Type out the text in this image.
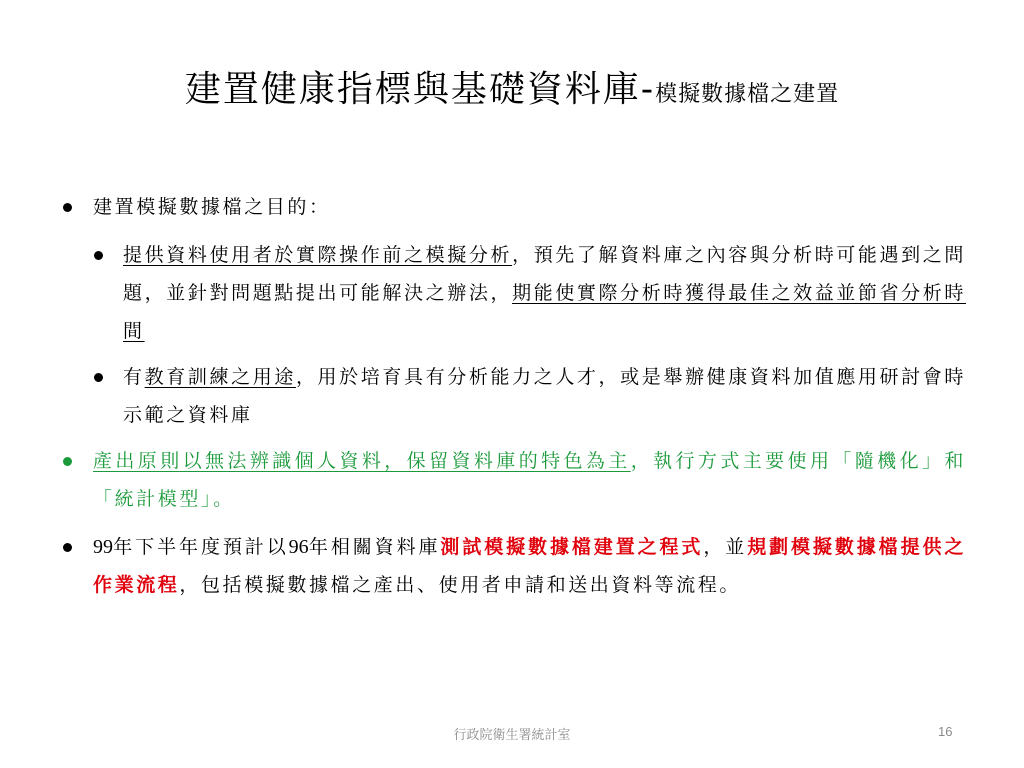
建置健康指標與基礎資料庫-模擬數據檔之建置
建置模擬數據檔之目的：
提供資料使用者於實際操作前之模擬分析，預先了解資料庫之內容與分析時可能遇到之問題，並針對問題點提出可能解決之辦法，期能使實際分析時獲得最佳之效益並節省分析時間
有教育訓練之用途，用於培育具有分析能力之人才，或是舉辦健康資料加值應用研討會時示範之資料庫
產出原則以無法辨識個人資料，保留資料庫的特色為主，執行方式主要使用「隨機化」和「統計模型」。
99年下半年度預計以96年相關資料庫測試模擬數據檔建置之程式，並規劃模擬數據檔提供之作業流程，包括模擬數據檔之產出、使用者申請和送出資料等流程。
行政院衛生署統計室	16
